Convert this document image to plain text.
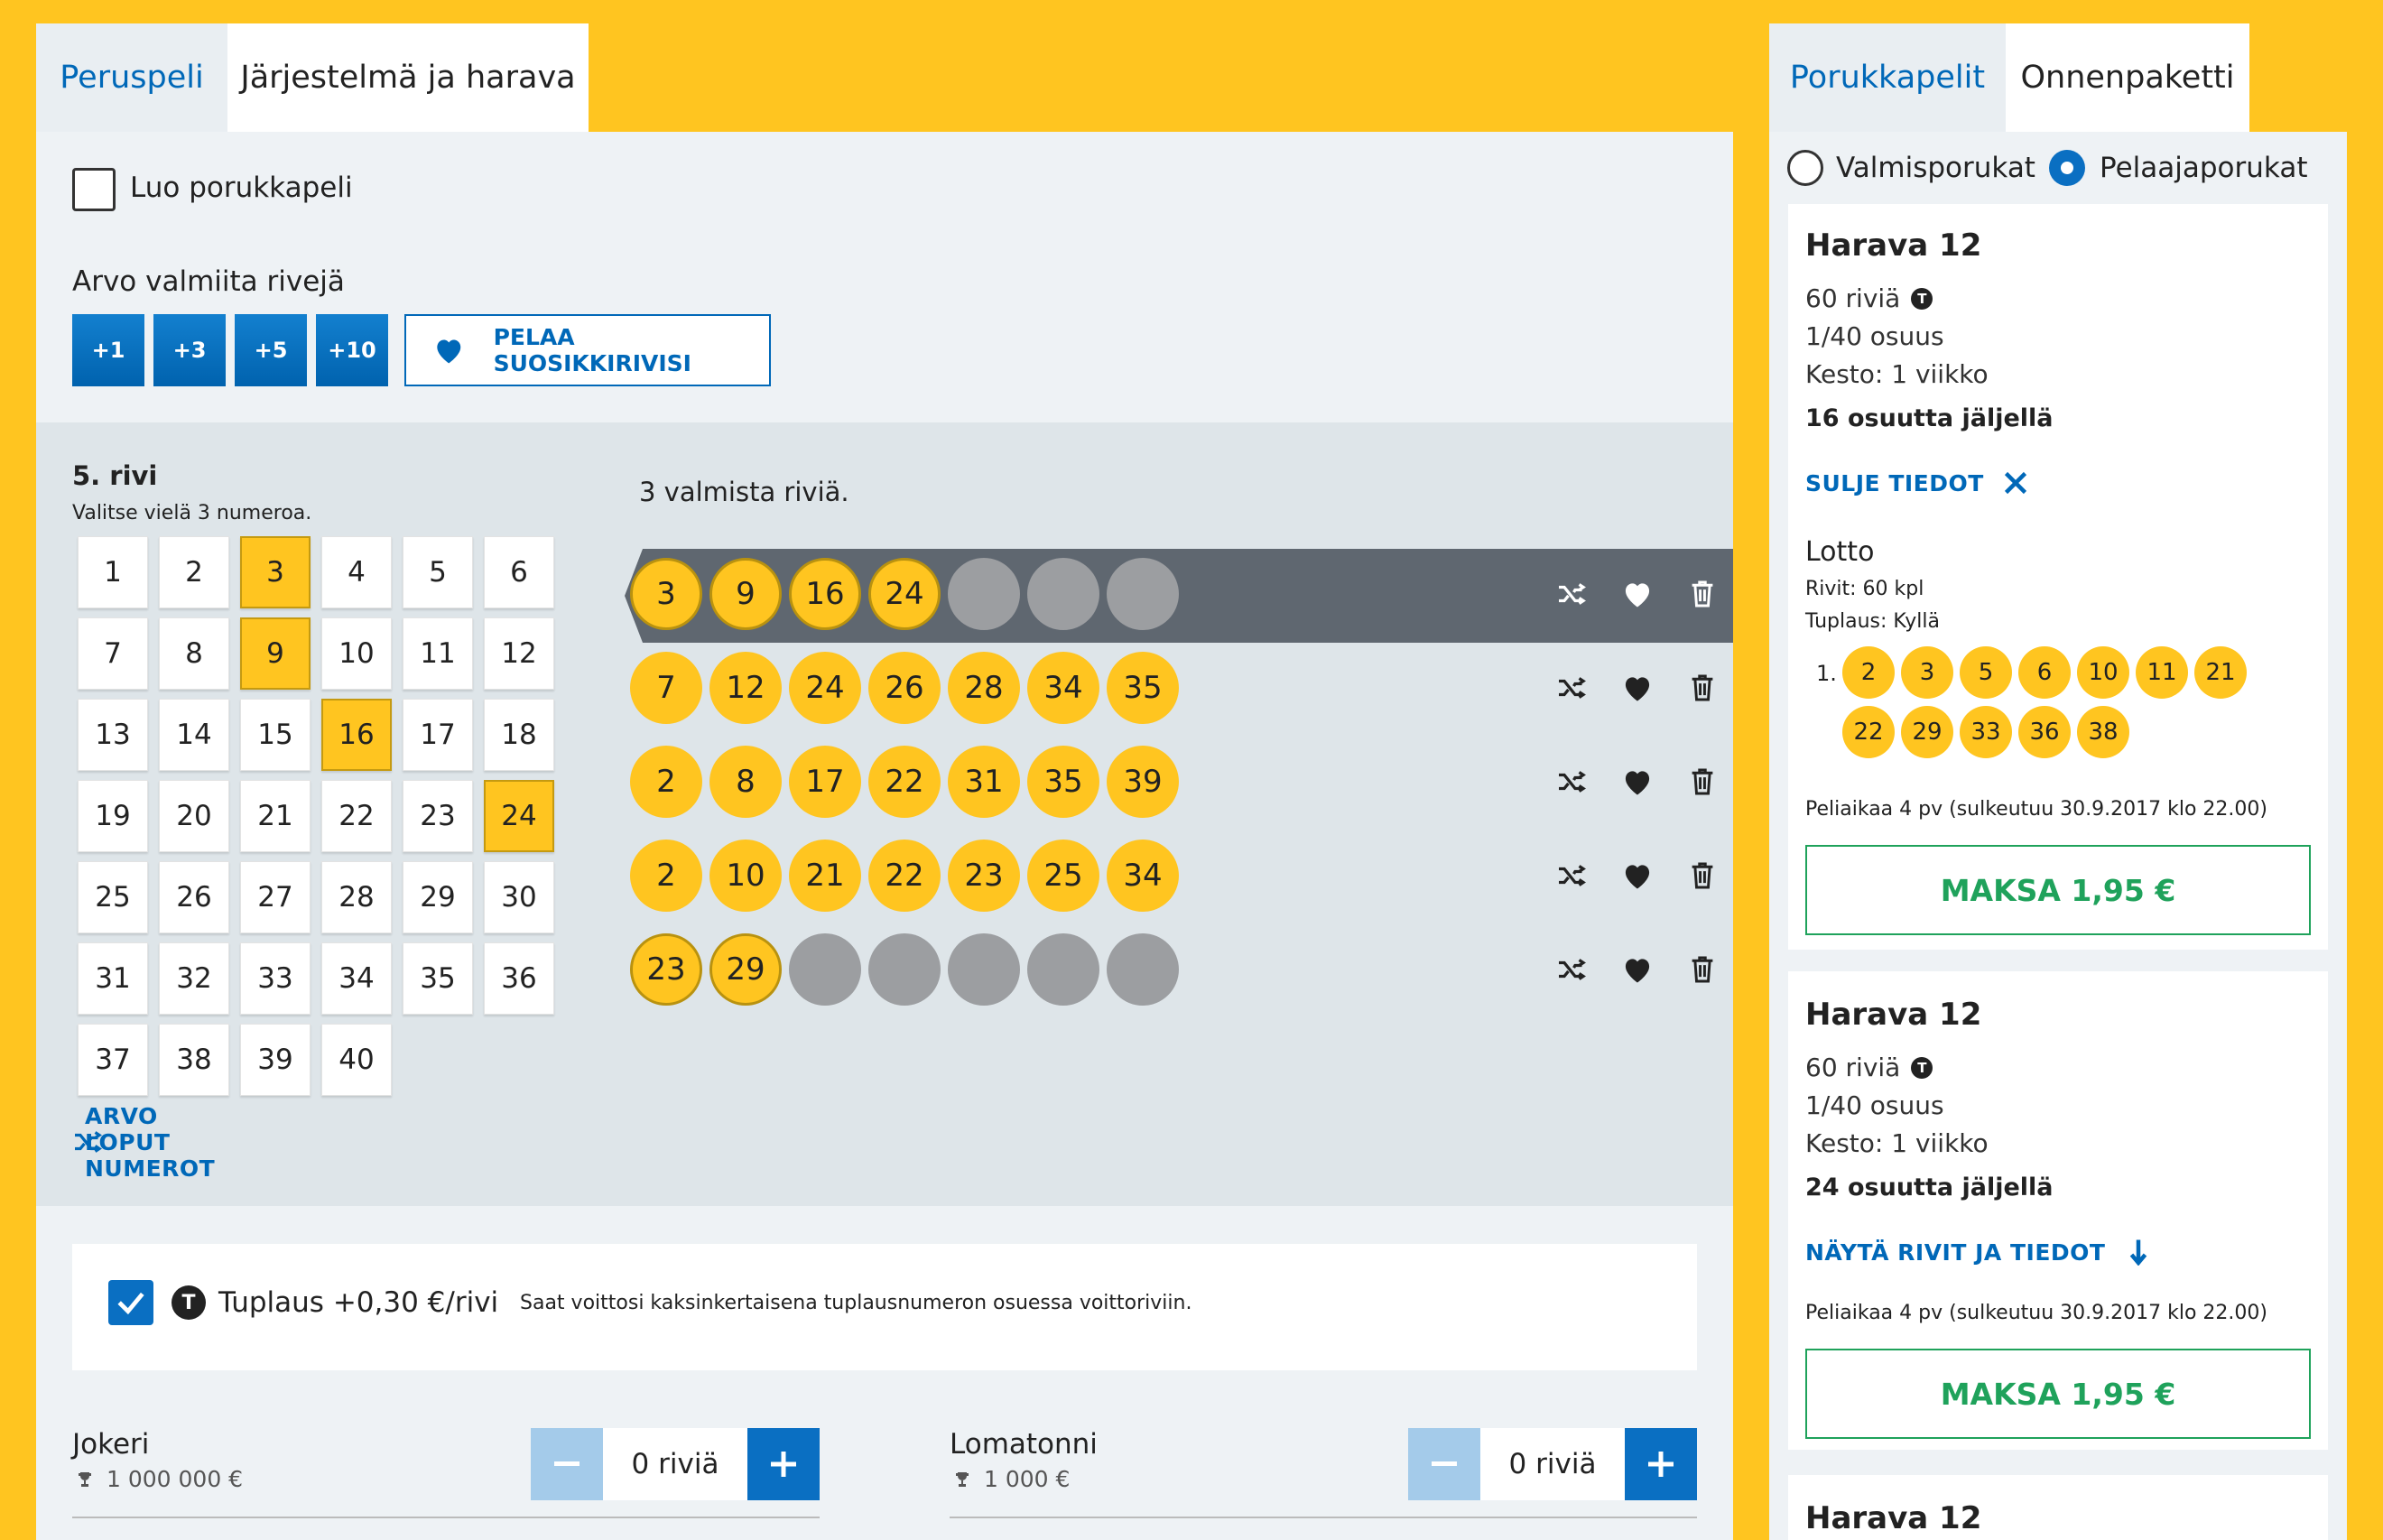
Peruspeli Järjestelmä ja harava
Luo porukkapeli
Arvo valmiita rivejä
+1	+3	+5	+10	PELAA SUOSIKKIRIVISI
5. rivi
Valitse vielä 3 numeroa.
1	2	3	4	5	6
7	8	9	10	11	12
13	14	15	16	17	18
19	20	21	22	23	24
25	26	27	28	29	30
31	32	33	34	35	36
37	38	39	40
ARVO LOPUT NUMEROT
3 valmista riviä.
3	9	16	24
7	12	24	26	28	34	35
2	8	17	22	31	35	39
2	10	21	22	23	25	34
23	29
T Tuplaus +0,30 €/rivi Saat voittosi kaksinkertaisena tuplausnumeron osuessa voittoriviin.
Jokeri
1 000 000 €	0 riviä
Lomatonni
1 000 €	0 riviä
Porukkapelit Onnenpaketti
Valmisporukat Pelaajaporukat
Harava 12
60 riviä	T
1/40 osuus
Kesto: 1 viikko
16 osuutta jäljellä
SULJE TIEDOT
Lotto
Rivit: 60 kpl
Tuplaus: Kyllä
1.	2	3	5	6	10	11	21
22	29	33	36	38
Peliaikaa 4 pv (sulkeutuu 30.9.2017 klo 22.00)
MAKSA 1,95 €
Harava 12
60 riviä	T
1/40 osuus
Kesto: 1 viikko
24 osuutta jäljellä
NÄYTÄ RIVIT JA TIEDOT
Peliaikaa 4 pv (sulkeutuu 30.9.2017 klo 22.00)
MAKSA 1,95 €
Harava 12
